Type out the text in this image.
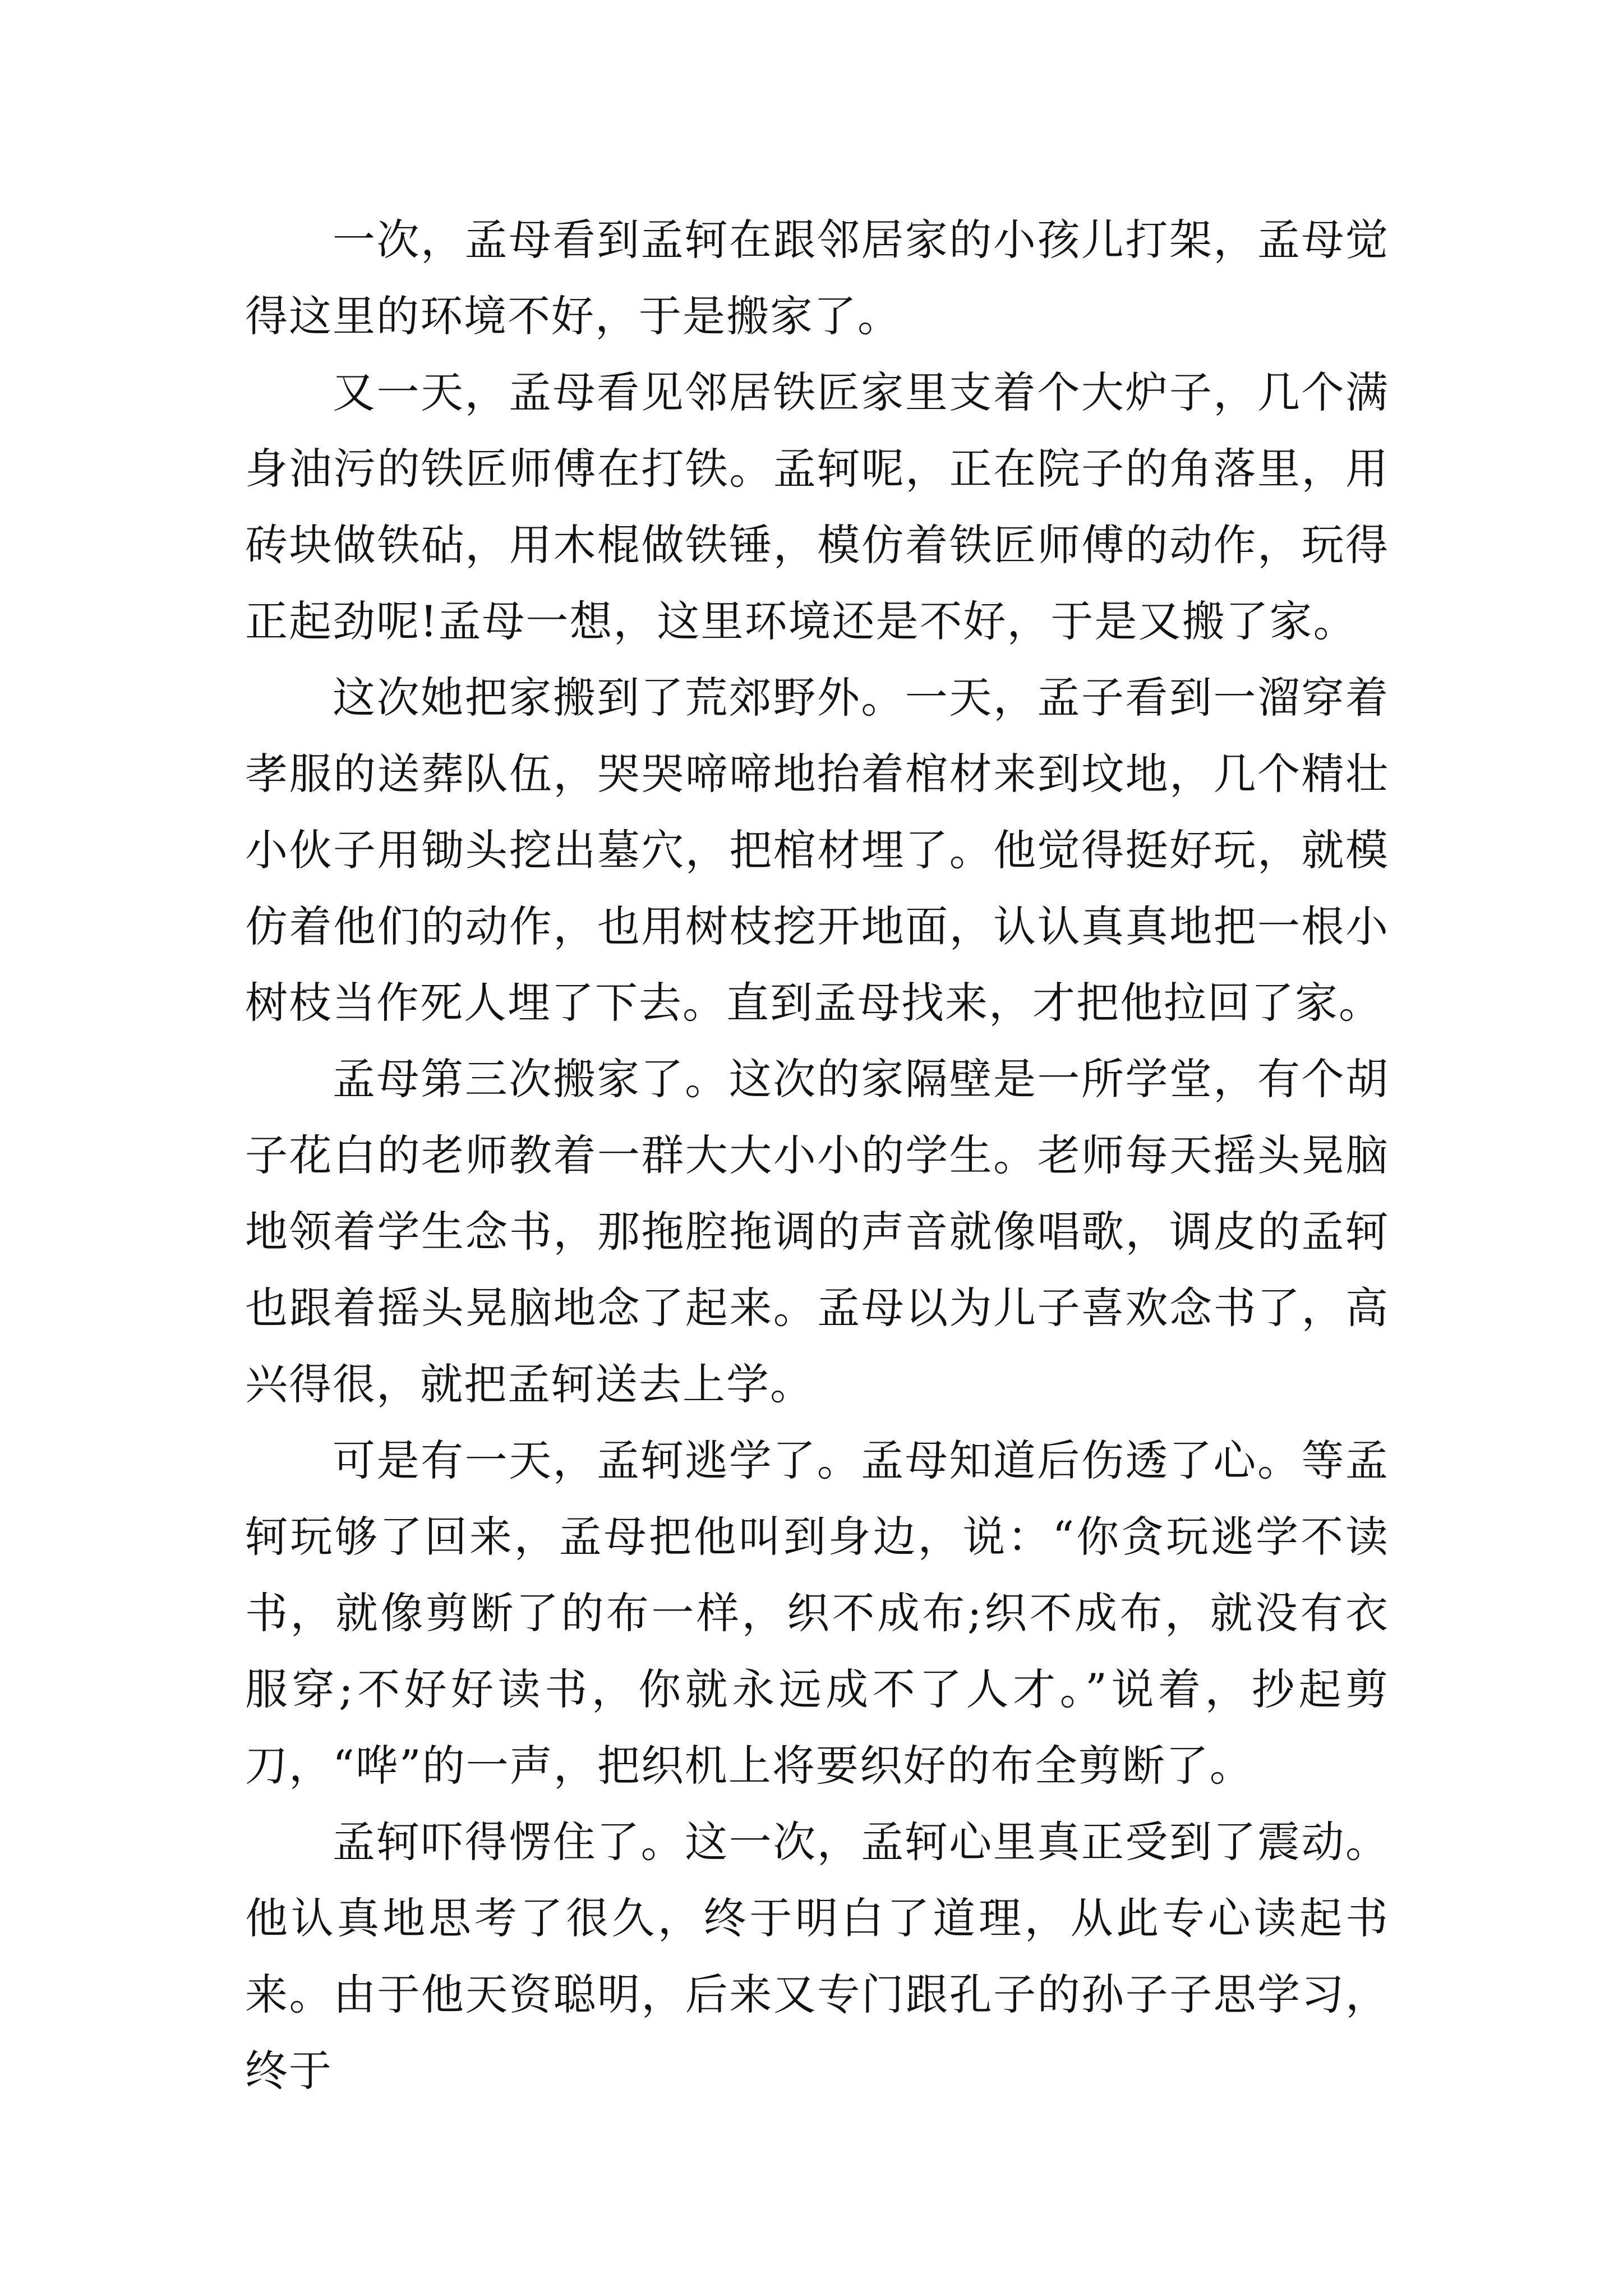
一次，孟母看到孟轲在跟邻居家的小孩儿打架，孟母觉得这里的环境不好，于是搬家了。

又一天，孟母看见邻居铁匠家里支着个大炉子，几个满身油污的铁匠师傅在打铁。孟轲呢，正在院子的角落里，用砖块做铁砧，用木棍做铁锤，模仿着铁匠师傅的动作，玩得正起劲呢!孟母一想，这里环境还是不好，于是又搬了家。

这次她把家搬到了荒郊野外。一天，孟子看到一溜穿着孝服的送葬队伍，哭哭啼啼地抬着棺材来到坟地，几个精壮小伙子用锄头挖出墓穴，把棺材埋了。他觉得挺好玩，就模仿着他们的动作，也用树枝挖开地面，认认真真地把一根小树枝当作死人埋了下去。直到孟母找来，才把他拉回了家。

孟母第三次搬家了。这次的家隔壁是一所学堂，有个胡子花白的老师教着一群大大小小的学生。老师每天摇头晃脑地领着学生念书，那拖腔拖调的声音就像唱歌，调皮的孟轲也跟着摇头晃脑地念了起来。孟母以为儿子喜欢念书了，高兴得很，就把孟轲送去上学。

可是有一天，孟轲逃学了。孟母知道后伤透了心。等孟轲玩够了回来，孟母把他叫到身边，说：“你贪玩逃学不读书，就像剪断了的布一样，织不成布;织不成布，就没有衣服穿;不好好读书，你就永远成不了人才。”说着，抄起剪刀，“哗”的一声，把织机上将要织好的布全剪断了。

孟轲吓得愣住了。这一次，孟轲心里真正受到了震动。他认真地思考了很久，终于明白了道理，从此专心读起书来。由于他天资聪明，后来又专门跟孔子的孙子子思学习，终于
